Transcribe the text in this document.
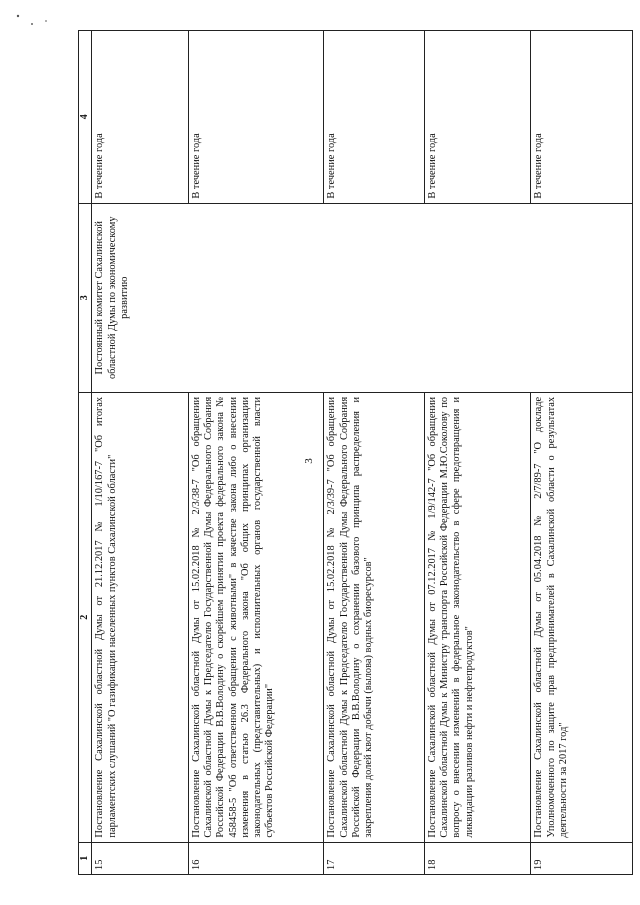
3
1	2	3	4
15	Постановление Сахалинской областной Думы от 21.12.2017 № 1/10/167-7 "Об итогах парламентских слушаний "О газификации населенных пунктов Сахалинской области"	Постоянный комитет Сахалинской областной Думы по экономическому развитию	В течение года
16	Постановление Сахалинской областной Думы от 15.02.2018 № 2/3/38-7 "Об обращении Сахалинской областной Думы к Председателю Государственной Думы Федерального Собрания Российской Федерации В.В.Володину о скорейшем принятии проекта федерального закона № 458458-5 "Об ответственном обращении с животными" в качестве закона либо о внесении изменения в статью 26.3 Федерального закона "Об общих принципах организации законодательных (представительных) и исполнительных органов государственной власти субъектов Российской Федерации"		В течение года
17	Постановление Сахалинской областной Думы от 15.02.2018 № 2/3/39-7 "Об обращении Сахалинской областной Думы к Председателю Государственной Думы Федерального Собрания Российской Федерации В.В.Володину о сохранении базового принципа распределения и закрепления долей квот добычи (вылова) водных биоресурсов"		В течение года
18	Постановление Сахалинской областной Думы от 07.12.2017 № 1/9/142-7 "Об обращении Сахалинской областной Думы к Министру транспорта Российской Федерации М.Ю.Соколову по вопросу о внесении изменений в федеральное законодательство в сфере предотвращения и ликвидации разливов нефти и нефтепродуктов"		В течение года
19	Постановление Сахалинской областной Думы от 05.04.2018 № 2/7/89-7 "О докладе Уполномоченного по защите прав предпринимателей в Сахалинской области о результатах деятельности за 2017 год"		В течение года
